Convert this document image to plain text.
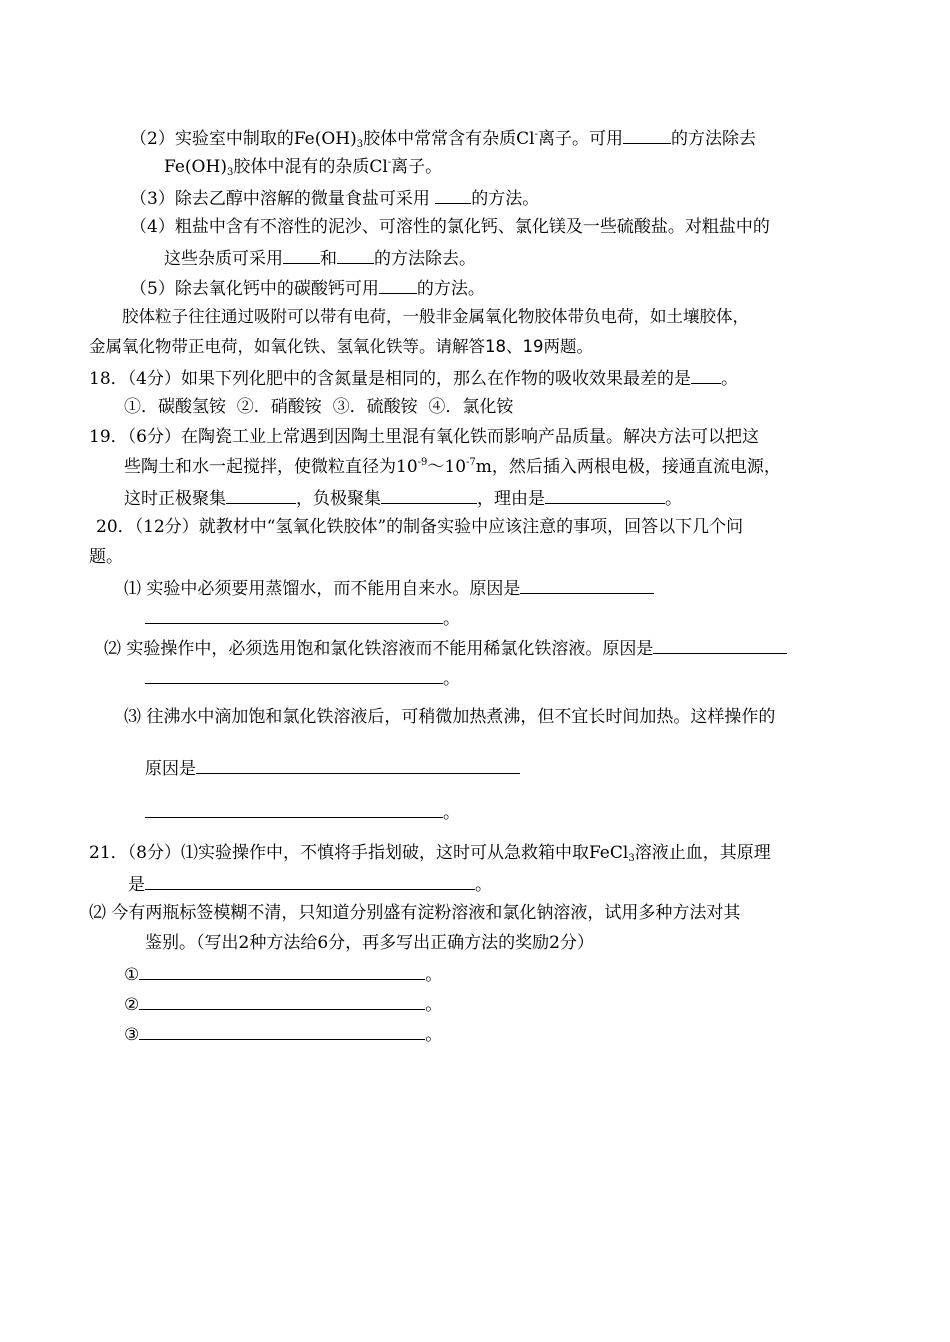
（2）实验室中制取的$Fe(OH)_3$胶体中常常含有杂质Cl-离子。可用	的方法除去
$Fe(OH)_3$胶体中混有的杂质Cl-离子。
（3）除去乙醇中溶解的微量食盐可采用 的方法。
（4）粗盐中含有不溶性的泥沙、可溶性的氯化钙、氯化镁及一些硫酸盐。对粗盐中的
这些杂质可采用 和 的方法除去。
（5）除去氧化钙中的碳酸钙可用 的方法。
胶体粒子往往通过吸附可以带有电荷，一般非金属氧化物胶体带负电荷，如土壤胶体，
金属氧化物带正电荷，如氧化铁、氢氧化铁等。请解答18、19两题。
18．（4分）如果下列化肥中的含氮量是相同的，那么在作物的吸收效果最差的是 。
①．碳酸氢铵  ②．硝酸铵  ③．硫酸铵  ④．氯化铵
19．（6分）在陶瓷工业上常遇到因陶土里混有氧化铁而影响产品质量。解决方法可以把这
些陶土和水一起搅拌，使微粒直径为$10^{-9}\sim 10^{-7}m$，然后插入两根电极，接通直流电源，
这时正极聚集	，负极聚集	，理由是	。
20．（12分）就教材中“氢氧化铁胶体”的制备实验中应该注意的事项，回答以下几个问
题。
⑴ 实验中必须要用蒸馏水，而不能用自来水。原因是
。
⑵ 实验操作中，必须选用饱和氯化铁溶液而不能用稀氯化铁溶液。原因是
。
⑶ 往沸水中滴加饱和氯化铁溶液后，可稍微加热煮沸，但不宜长时间加热。这样操作的
原因是
。
21．（8分）⑴实验操作中，不慎将手指划破，这时可从急救箱中取FeCl$_3$溶液止血，其原理
是	。
⑵ 今有两瓶标签模糊不清，只知道分别盛有淀粉溶液和氯化钠溶液，试用多种方法对其
鉴别。（写出2种方法给6分，再多写出正确方法的奖励2分）
①	。
②	。
③	。
